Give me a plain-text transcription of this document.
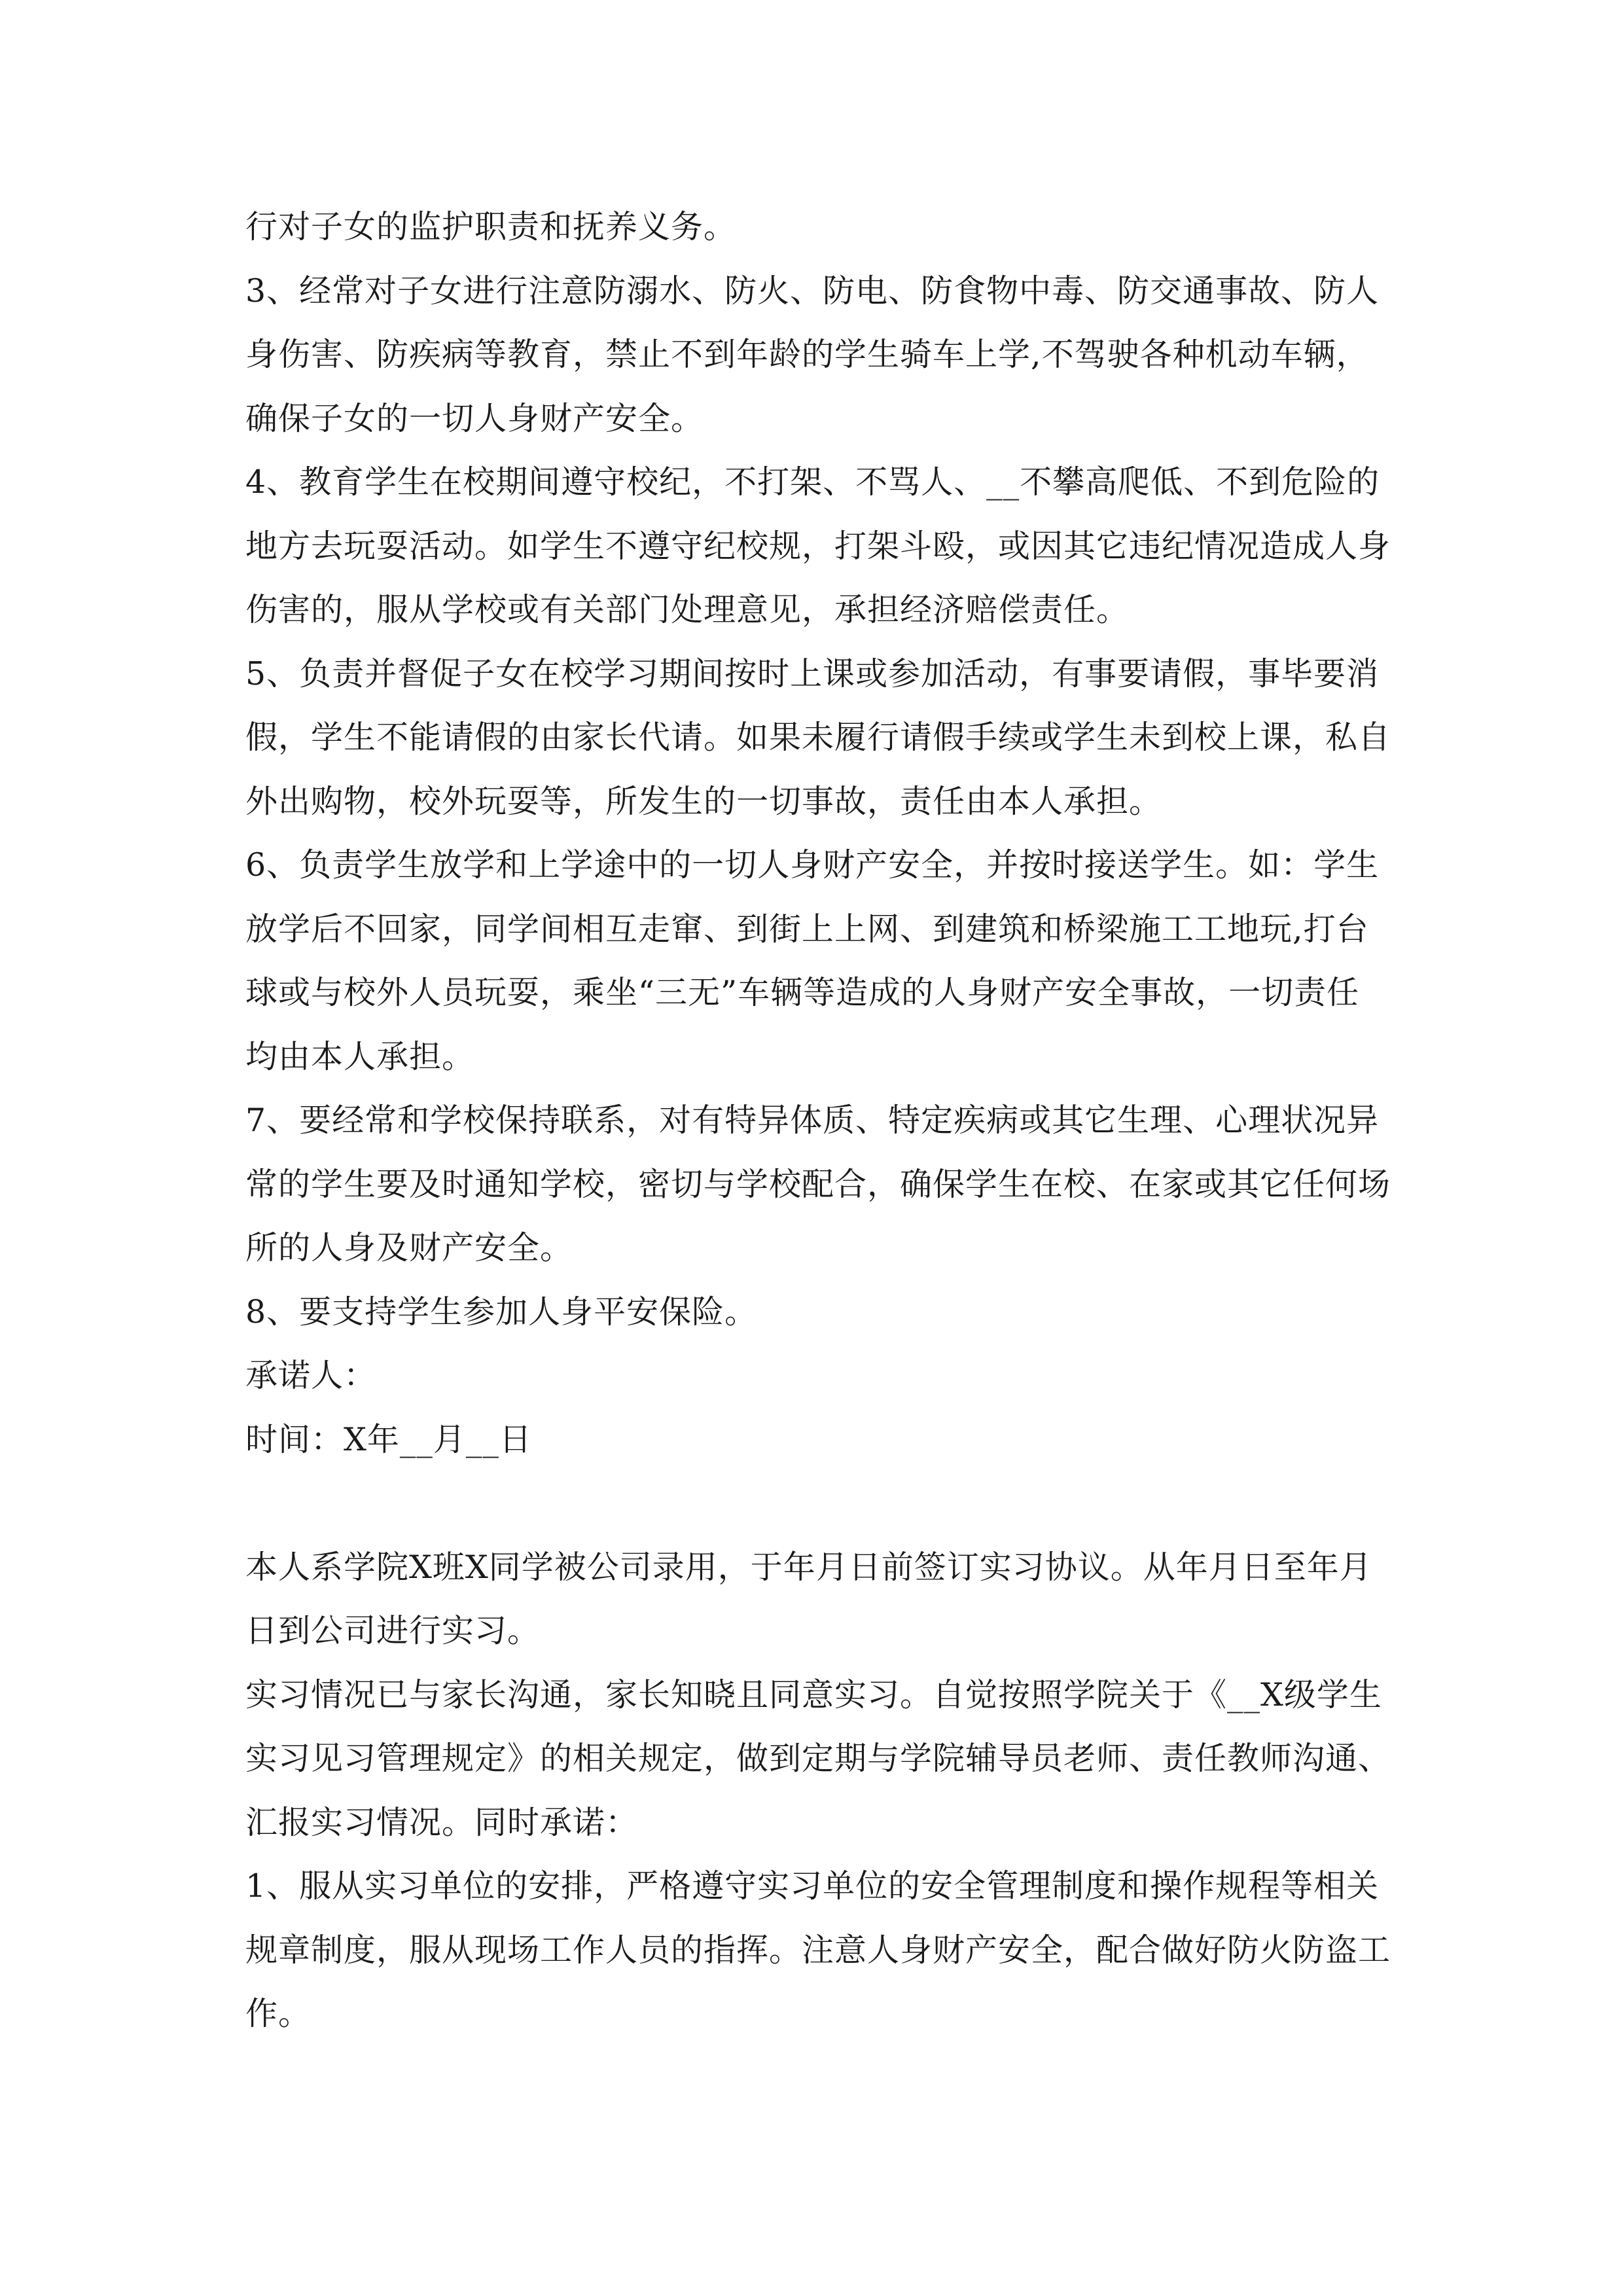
行对子女的监护职责和抚养义务。
3、经常对子女进行注意防溺水、防火、防电、防食物中毒、防交通事故、防人
身伤害、防疾病等教育，禁止不到年龄的学生骑车上学,不驾驶各种机动车辆，
确保子女的一切人身财产安全。
4、教育学生在校期间遵守校纪，不打架、不骂人、__不攀高爬低、不到危险的
地方去玩耍活动。如学生不遵守纪校规，打架斗殴，或因其它违纪情况造成人身
伤害的，服从学校或有关部门处理意见，承担经济赔偿责任。
5、负责并督促子女在校学习期间按时上课或参加活动，有事要请假，事毕要消
假，学生不能请假的由家长代请。如果未履行请假手续或学生未到校上课，私自
外出购物，校外玩耍等，所发生的一切事故，责任由本人承担。
6、负责学生放学和上学途中的一切人身财产安全，并按时接送学生。如：学生
放学后不回家，同学间相互走窜、到街上上网、到建筑和桥梁施工工地玩,打台
球或与校外人员玩耍，乘坐“三无”车辆等造成的人身财产安全事故，一切责任
均由本人承担。
7、要经常和学校保持联系，对有特异体质、特定疾病或其它生理、心理状况异
常的学生要及时通知学校，密切与学校配合，确保学生在校、在家或其它任何场
所的人身及财产安全。
8、要支持学生参加人身平安保险。
承诺人：
时间：X年__月__日
本人系学院X班X同学被公司录用，于年月日前签订实习协议。从年月日至年月
日到公司进行实习。
实习情况已与家长沟通，家长知晓且同意实习。自觉按照学院关于《__X级学生
实习见习管理规定》的相关规定，做到定期与学院辅导员老师、责任教师沟通、
汇报实习情况。同时承诺：
1、服从实习单位的安排，严格遵守实习单位的安全管理制度和操作规程等相关
规章制度，服从现场工作人员的指挥。注意人身财产安全，配合做好防火防盗工
作。
